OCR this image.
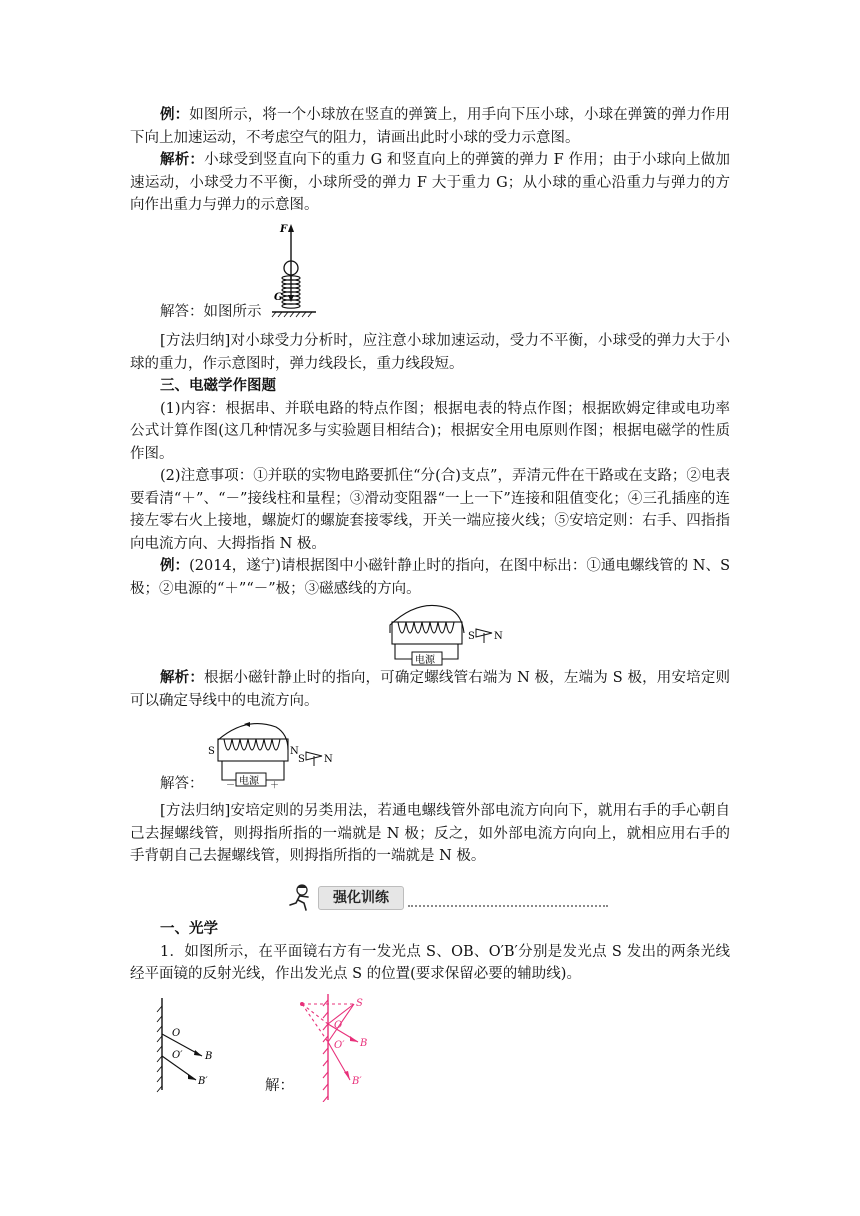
例：如图所示，将一个小球放在竖直的弹簧上，用手向下压小球，小球在弹簧的弹力作用下向上加速运动，不考虑空气的阻力，请画出此时小球的受力示意图。

解析：小球受到竖直向下的重力 G 和竖直向上的弹簧的弹力 F 作用；由于小球向上做加速运动，小球受力不平衡，小球所受的弹力 F 大于重力 G；从小球的重心沿重力与弹力的方向作出重力与弹力的示意图。

F
G
解答：如图所示

[方法归纳]对小球受力分析时，应注意小球加速运动，受力不平衡，小球受的弹力大于小球的重力，作示意图时，弹力线段长，重力线段短。

三、电磁学作图题

(1)内容：根据串、并联电路的特点作图；根据电表的特点作图；根据欧姆定律或电功率公式计算作图(这几种情况多与实验题目相结合)；根据安全用电原则作图；根据电磁学的性质作图。

(2)注意事项：①并联的实物电路要抓住“分(合)支点”，弄清元件在干路或在支路；②电表要看清“＋”、“－”接线柱和量程；③滑动变阻器“一上一下”连接和阻值变化；④三孔插座的连接左零右火上接地，螺旋灯的螺旋套接零线，开关一端应接火线；⑤安培定则：右手、四指指向电流方向、大拇指指 N 极。

例：(2014，遂宁)请根据图中小磁针静止时的指向，在图中标出：①通电螺线管的 N、S 极；②电源的“＋”“－”极；③磁感线的方向。

电源
S N

解析：根据小磁针静止时的指向，可确定螺线管右端为 N 极，左端为 S 极，用安培定则可以确定导线中的电流方向。

S	N
电源
－	＋
S N
解答：

[方法归纳]安培定则的另类用法，若通电螺线管外部电流方向向下，就用右手的手心朝自己去握螺线管，则拇指所指的一端就是 N 极；反之，如外部电流方向向上，就相应用右手的手背朝自己去握螺线管，则拇指所指的一端就是 N 极。

强化训练

一、光学

1．如图所示，在平面镜右方有一发光点 S、OB、O′B′分别是发光点 S 发出的两条光线经平面镜的反射光线，作出发光点 S 的位置(要求保留必要的辅助线)。

O
O′ B
B′	解：
S
O
O′ B
B′
